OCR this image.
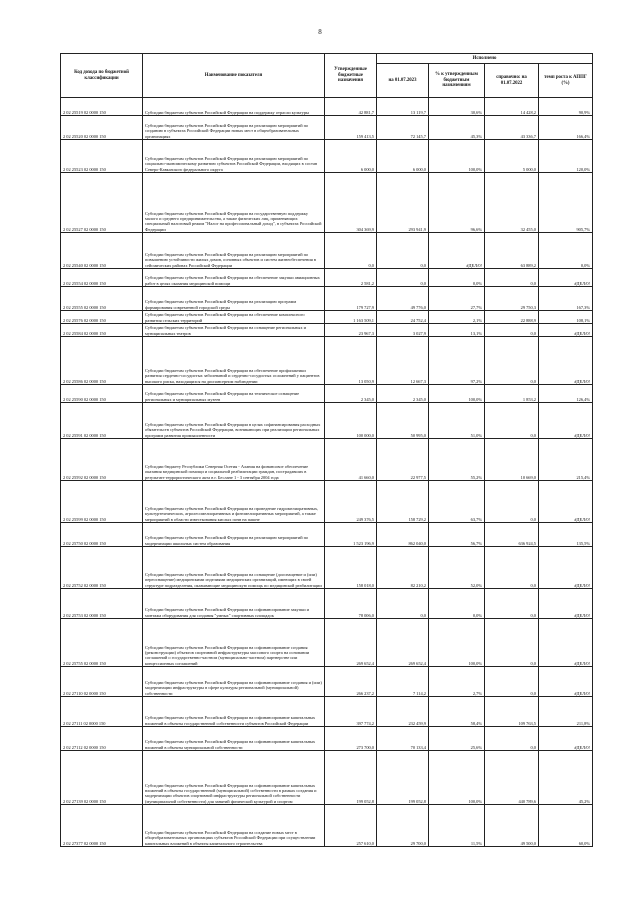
8
Код дохода по бюджетной классификации	Наименование показателя	Утвержденные бюджетные назначения	Исполнено			
			на 01.07.2023	% к утвержденным бюджетным назначениям	справочно: на 01.07.2022	темп роста к АППГ (%)
2 02 25519 02 0000 150	Субсидии бюджетам субъектов Российской Федерации на поддержку отрасли культуры	42 881,7	13 119,7	30,6%	14 428,2	90,9%
2 02 25520 02 0000 150	Субсидии бюджетам субъектов Российской Федерации на реализацию мероприятий по созданию в субъектах Российской Федерации новых мест в общеобразовательных организациях	159 413,5	72 145,7	45,3%	43 336,7	166,4%
2 02 25523 02 0000 150	Субсидии бюджетам субъектов Российской Федерации на реализацию мероприятий по социально-экономическому развитию субъектов Российской Федерации, входящих в состав Северо-Кавказского федерального округа	6 000,0	6 000,0	100,0%	5 000,0	120,0%
2 02 25527 02 0000 150	Субсидии бюджетам субъектов Российской Федерации на государственную поддержку малого и среднего предпринимательства, а также физических лиц, применяющих специальный налоговый режим "Налог на профессиональный доход", в субъектах Российской Федерации	304 369,9	293 941,9	96,6%	32 455,0	905,7%
2 02 25540 02 0000 150	Субсидии бюджетам субъектов Российской Федерации на реализацию мероприятий по повышению устойчивости жилых домов, основных объектов и систем жизнеобеспечения в сейсмических районах Российской Федерации	0,0	0,0	#ДЕЛ/0!	63 889,2	0,0%
2 02 25554 02 0000 150	Субсидии бюджетам субъектов Российской Федерации на обеспечение закупки авиационных работ в целях оказания медицинской помощи	2 581,2	0,0	0,0%	0,0	#ДЕЛ/0!
2 02 25555 02 0000 150	Субсидии бюджетам субъектов Российской Федерации на реализацию программ формирования современной городской среды	179 727,9	49 776,0	27,7%	29 750,3	167,3%
2 02 25576 02 0000 150	Субсидии бюджетам субъектов Российской Федерации на обеспечение комплексного развития сельских территорий	1 163 509,1	24 752,4	2,1%	22 888,9	108,1%
2 02 25584 02 0000 150	Субсидии бюджетам субъектов Российской Федерации на оснащение региональных и муниципальных театров	23 967,3	3 027,9	13,1%	0,0	#ДЕЛ/0!
2 02 25586 02 0000 150	Субсидии бюджетам субъектов Российской Федерации на обеспечение профилактики развития сердечно-сосудистых заболеваний и сердечно-сосудистых осложнений у пациентов высокого риска, находящихся на диспансерном наблюдении	13 050,9	12 667,3	97,2%	0,0	#ДЕЛ/0!
2 02 25590 02 0000 150	Субсидии бюджетам субъектов Российской Федерации на техническое оснащение региональных и муниципальных музеев	2 345,0	2 345,0	100,0%	1 853,2	126,4%
2 02 25591 02 0000 150	Субсидии бюджетам субъектов Российской Федерации в целях софинансирования расходных обязательств субъектов Российской Федерации, возникающих при реализации региональных программ развития промышленности	100 000,0	50 995,0	51,0%	0,0	#ДЕЛ/0!
2 02 25592 02 0000 150	Субсидии бюджету Республики Северная Осетия - Алания на финансовое обеспечение оказания медицинской помощи и социальной реабилитации граждан, пострадавших в результате террористического акта в г. Беслане 1 - 3 сентября 2004 года	41 660,0	22 977,5	55,2%	10 669,0	215,4%
2 02 25599 02 0000 150	Субсидии бюджетам субъектов Российской Федерации на проведение гидромелиоративных, культуртехнических, агролесомелиоративных и фитомелиоративных мероприятий, а также мероприятий в области известкования кислых почв на пашне	249 376,5	158 729,2	63,7%	0,0	#ДЕЛ/0!
2 02 25750 02 0000 150	Субсидии бюджетам субъектов Российской Федерации на реализацию мероприятий по модернизации школьных систем образования	1 523 196,9	862 040,0	56,7%	636 924,5	135,5%
2 02 25752 02 0000 150	Субсидии бюджетам субъектов Российской Федерации на оснащение (дооснащение и (или) переоснащение) медицинскими изделиями медицинских организаций, имеющих в своей структуре подразделения, оказывающие медицинскую помощь по медицинской реабилитации	158 018,0	82 210,2	52,0%	0,0	#ДЕЛ/0!
2 02 25753 02 0000 150	Субсидии бюджетам субъектов Российской Федерации на софинансирование закупки и монтажа оборудования для создания "умных" спортивных площадок	78 006,0	0,0	0,0%	0,0	#ДЕЛ/0!
2 02 25755 02 0000 150	Субсидии бюджетам субъектов Российской Федерации на софинансирование создания (реконструкции) объектов спортивной инфраструктуры массового спорта на основании соглашений о государственно-частном (муниципально-частном) партнерстве или концессионных соглашений	269 652,4	269 652,4	100,0%	0,0	#ДЕЛ/0!
2 02 27110 02 0000 150	Субсидии бюджетам субъектов Российской Федерации на софинансирование создания и (или) модернизации инфраструктуры в сфере культуры региональной (муниципальной) собственности	266 237,2	7 114,2	2,7%	0,0	#ДЕЛ/0!
2 02 27111 02 0000 150	Субсидии бюджетам субъектов Российской Федерации на софинансирование капитальных вложений в объекты государственной собственности субъектов Российской Федерации	397 774,2	232 459,9	58,4%	109 763,5	211,8%
2 02 27112 02 0000 150	Субсидии бюджетам субъектов Российской Федерации на софинансирование капитальных вложений в объекты муниципальной собственности	273 700,0	70 133,4	25,6%	0,0	#ДЕЛ/0!
2 02 27139 02 0000 150	Субсидии бюджетам субъектов Российской Федерации на софинансирование капитальных вложений в объекты государственной (муниципальной) собственности в рамках создания и модернизации объектов спортивной инфраструктуры региональной собственности (муниципальной собственности) для занятий физической культурой и спортом	199 052,8	199 052,8	100,0%	440 789,6	45,2%
2 02 27377 02 0000 150	Субсидии бюджетам субъектов Российской Федерации на создание новых мест в общеобразовательных организациях субъектов Российской Федерации при осуществлении капитальных вложений в объекты капитального строительства	257 610,0	29 700,0	11,5%	49 500,0	60,0%
